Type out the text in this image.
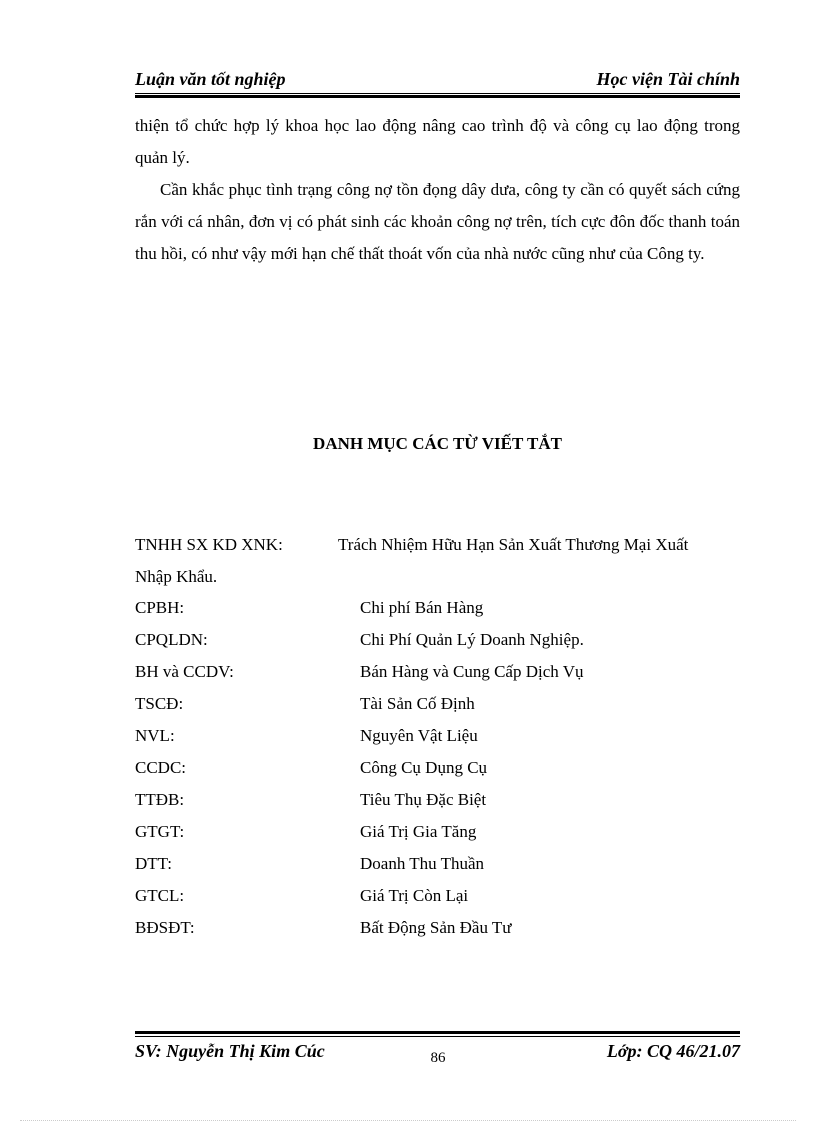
Luận văn tốt nghiệp	Học viện Tài chính

thiện tổ chức hợp lý khoa học lao động nâng cao trình độ và công cụ lao động trong quản lý.

Cần khắc phục tình trạng công nợ tồn đọng dây dưa, công ty cần có quyết sách cứng rắn với cá nhân, đơn vị có phát sinh các khoản công nợ trên, tích cực đôn đốc thanh toán thu hồi, có như vậy mới hạn chế thất thoát vốn của nhà nước cũng như của Công ty.

DANH MỤC CÁC TỪ VIẾT TẮT
TNHH SX KD XNK:	Trách Nhiệm Hữu Hạn Sản Xuất Thương Mại Xuất
Nhập Khẩu.
CPBH:	Chi phí Bán Hàng
CPQLDN:	Chi Phí Quản Lý Doanh Nghiệp.
BH và CCDV:	Bán Hàng và Cung Cấp Dịch Vụ
TSCĐ:	Tài Sản Cố Định
NVL:	Nguyên Vật Liệu
CCDC:	Công Cụ Dụng Cụ
TTĐB:	Tiêu Thụ Đặc Biệt
GTGT:	Giá Trị Gia Tăng
DTT:	Doanh Thu Thuần
GTCL:	Giá Trị Còn Lại
BĐSĐT:	Bất Động Sản Đầu Tư
SV: Nguyễn Thị Kim Cúc	86	Lớp: CQ 46/21.07
